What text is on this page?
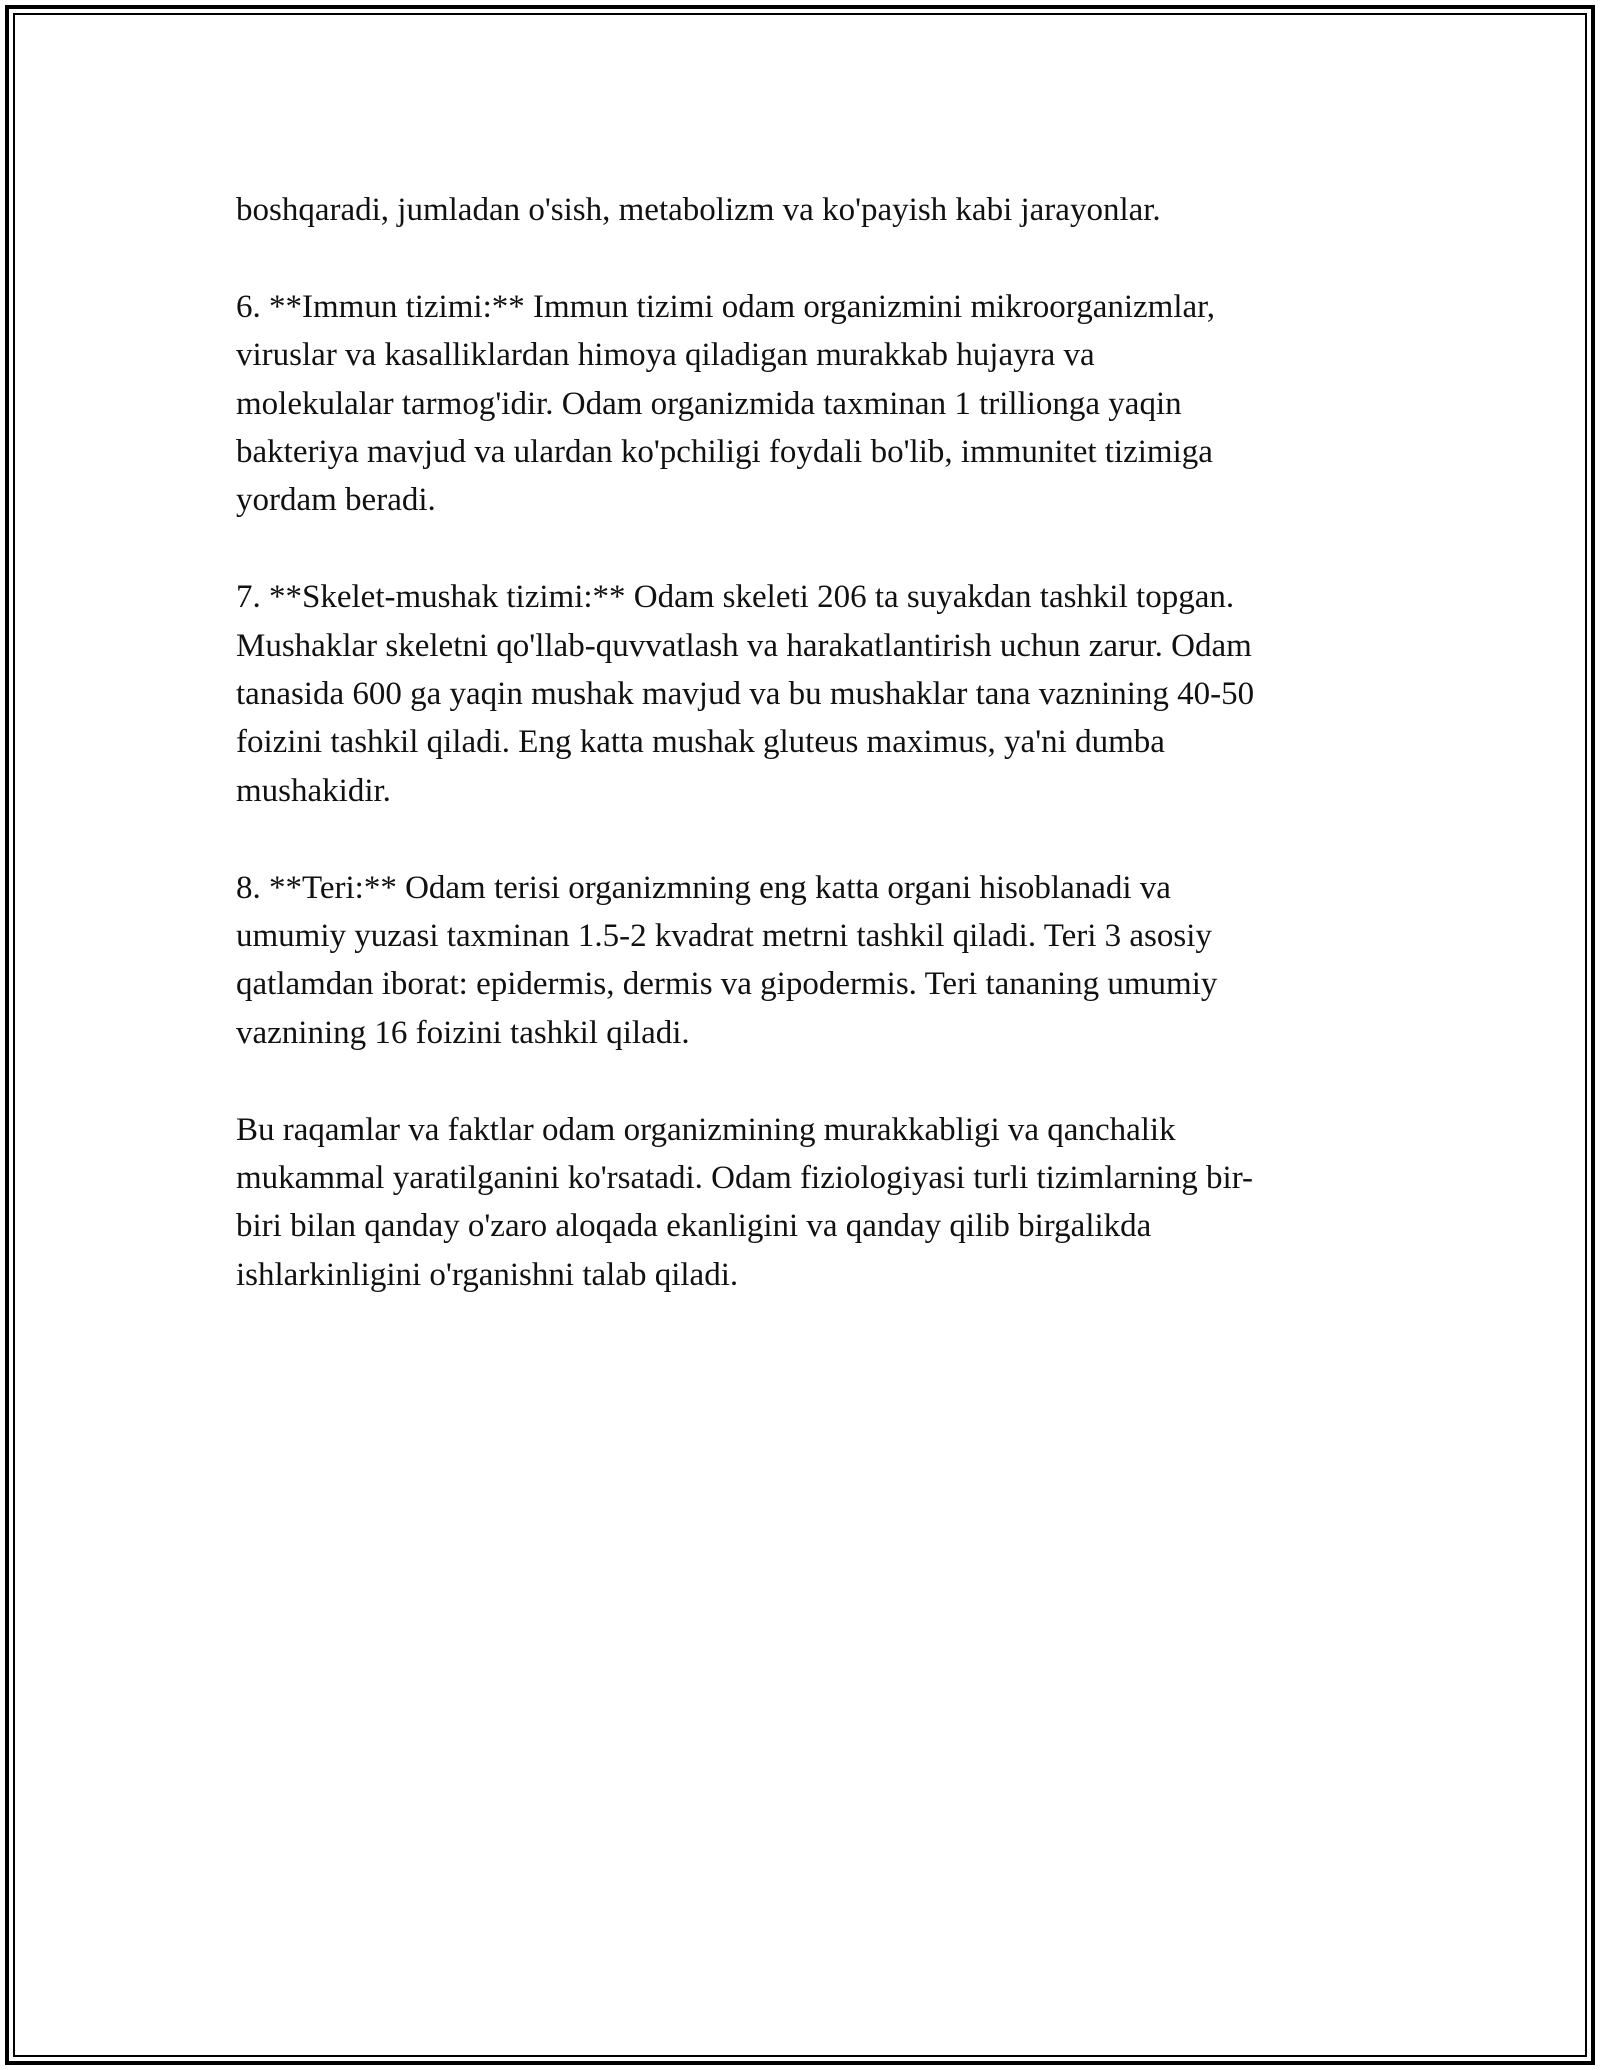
boshqaradi, jumladan o'sish, metabolizm va ko'payish kabi jarayonlar.

6. **Immun tizimi:** Immun tizimi odam organizmini mikroorganizmlar,
viruslar va kasalliklardan himoya qiladigan murakkab hujayra va
molekulalar tarmog'idir. Odam organizmida taxminan 1 trillionga yaqin
bakteriya mavjud va ulardan ko'pchiligi foydali bo'lib, immunitet tizimiga
yordam beradi.

7. **Skelet-mushak tizimi:** Odam skeleti 206 ta suyakdan tashkil topgan.
Mushaklar skeletni qo'llab-quvvatlash va harakatlantirish uchun zarur. Odam
tanasida 600 ga yaqin mushak mavjud va bu mushaklar tana vaznining 40-50
foizini tashkil qiladi. Eng katta mushak gluteus maximus, ya'ni dumba
mushakidir.

8. **Teri:** Odam terisi organizmning eng katta organi hisoblanadi va
umumiy yuzasi taxminan 1.5-2 kvadrat metrni tashkil qiladi. Teri 3 asosiy
qatlamdan iborat: epidermis, dermis va gipodermis. Teri tananing umumiy
vaznining 16 foizini tashkil qiladi.

Bu raqamlar va faktlar odam organizmining murakkabligi va qanchalik
mukammal yaratilganini ko'rsatadi. Odam fiziologiyasi turli tizimlarning bir-
biri bilan qanday o'zaro aloqada ekanligini va qanday qilib birgalikda
ishlarkinligini o'rganishni talab qiladi.
